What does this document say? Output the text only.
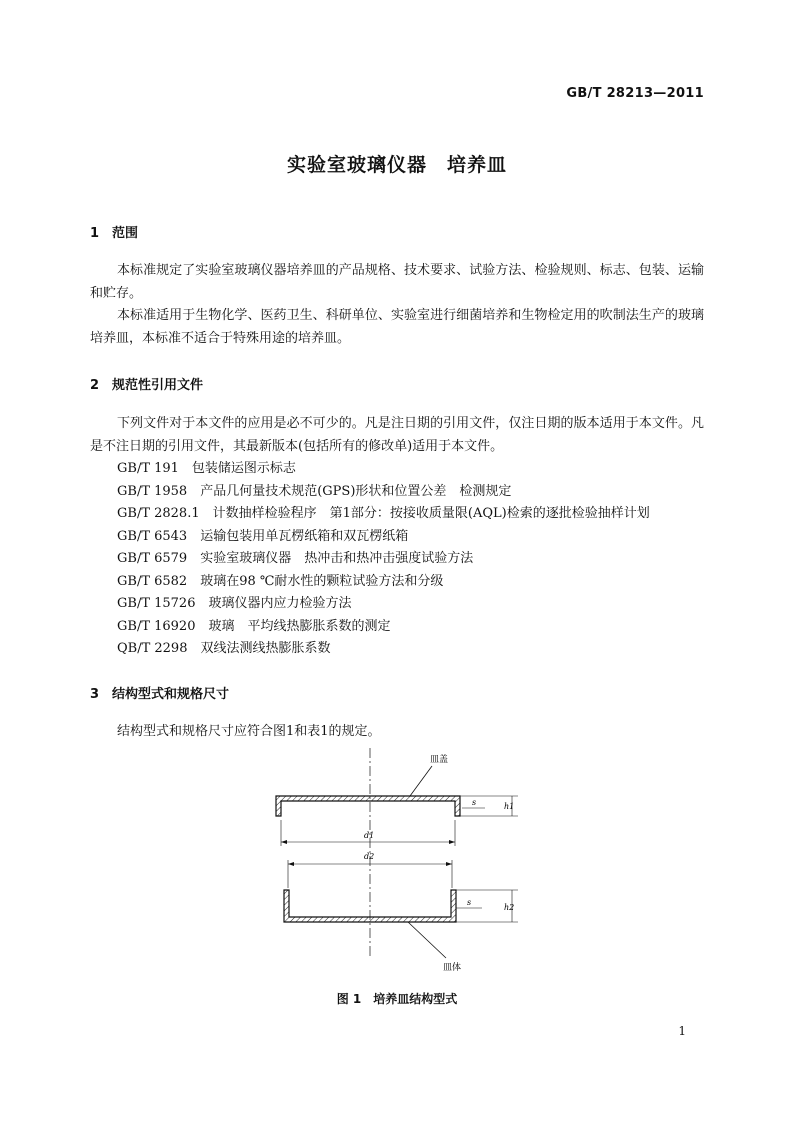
GB/T 28213—2011
实验室玻璃仪器　培养皿
1 范围
本标准规定了实验室玻璃仪器培养皿的产品规格、技术要求、试验方法、检验规则、标志、包装、运输和贮存。
本标准适用于生物化学、医药卫生、科研单位、实验室进行细菌培养和生物检定用的吹制法生产的玻璃培养皿，本标准不适合于特殊用途的培养皿。
2 规范性引用文件
下列文件对于本文件的应用是必不可少的。凡是注日期的引用文件，仅注日期的版本适用于本文件。凡是不注日期的引用文件，其最新版本(包括所有的修改单)适用于本文件。
GB/T 191　包装储运图示标志
GB/T 1958　产品几何量技术规范(GPS)形状和位置公差　检测规定
GB/T 2828.1　计数抽样检验程序　第1部分：按接收质量限(AQL)检索的逐批检验抽样计划
GB/T 6543　运输包装用单瓦楞纸箱和双瓦楞纸箱
GB/T 6579　实验室玻璃仪器　热冲击和热冲击强度试验方法
GB/T 6582　玻璃在98 ℃耐水性的颗粒试验方法和分级
GB/T 15726　玻璃仪器内应力检验方法
GB/T 16920　玻璃　平均线热膨胀系数的测定
QB/T 2298　双线法测线热膨胀系数
3 结构型式和规格尺寸
结构型式和规格尺寸应符合图1和表1的规定。
皿盖
s	h1
d1
d2
皿体
s
h2
图 1　培养皿结构型式
1
